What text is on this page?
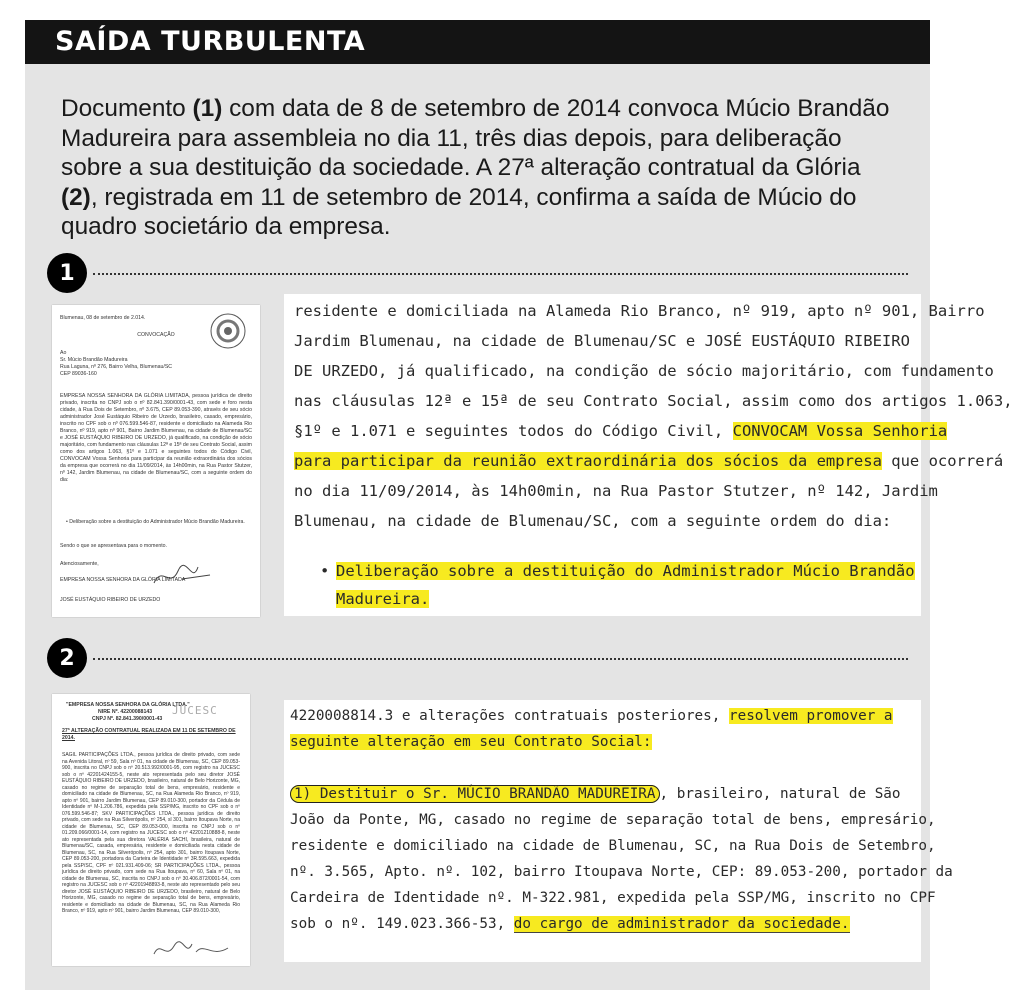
SAÍDA TURBULENTA
Documento (1) com data de 8 de setembro de 2014 convoca Múcio Brandão Madureira para assembleia no dia 11, três dias depois, para deliberação sobre a sua destituição da sociedade. A 27ª alteração contratual da Glória (2), registrada em 11 de setembro de 2014, confirma a saída de Múcio do quadro societário da empresa.
1
Blumenau, 08 de setembro de 2.014.
CONVOCAÇÃO
Ao
Sr. Múcio Brandão Madureira
Rua Laguna, nº 276, Bairro Velha, Blumenau/SC
CEP 89036-160
EMPRESA NOSSA SENHORA DA GLÓRIA LIMITADA, pessoa jurídica de direito privado, inscrita no CNPJ sob o nº 82.841.390/0001-43, com sede e foro nesta cidade, à Rua Dois de Setembro, nº 3.675, CEP 89.053-390, através de seu sócio administrador José Eustáquio Ribeiro de Urzedo, brasileiro, casado, empresário, inscrito no CPF sob o nº 076.599.546-87, residente e domiciliado na Alameda Rio Branco, nº 919, apto nº 901, Bairro Jardim Blumenau, na cidade de Blumenau/SC e JOSÉ EUSTÁQUIO RIBEIRO DE URZEDO, já qualificado, na condição de sócio majoritário, com fundamento nas cláusulas 12ª e 15ª de seu Contrato Social, assim como dos artigos 1.063, §1º e 1.071 e seguintes todos do Código Civil, CONVOCAM Vossa Senhoria para participar da reunião extraordinária dos sócios da empresa que ocorrerá no dia 11/09/2014, às 14h00min, na Rua Pastor Stutzer, nº 142, Jardim Blumenau, na cidade de Blumenau/SC, com a seguinte ordem do dia:
• Deliberação sobre a destituição do Administrador Múcio Brandão Madureira.
Sendo o que se apresentava para o momento.
Atenciosamente,
EMPRESA NOSSA SENHORA DA GLÓRIA LIMITADA
JOSÉ EUSTÁQUIO RIBEIRO DE URZEDO
residente e domiciliada na Alameda Rio Branco, nº 919, apto nº 901, Bairro
Jardim Blumenau, na cidade de Blumenau/SC e JOSÉ EUSTÁQUIO RIBEIRO
DE URZEDO, já qualificado, na condição de sócio majoritário, com fundamento
nas cláusulas 12ª e 15ª de seu Contrato Social, assim como dos artigos 1.063,
§1º e 1.071 e seguintes todos do Código Civil, CONVOCAM Vossa Senhoria
para participar da reunião extraordinária dos sócios da empresa que ocorrerá
no dia 11/09/2014, às 14h00min, na Rua Pastor Stutzer, nº 142, Jardim
Blumenau, na cidade de Blumenau/SC, com a seguinte ordem do dia:
• Deliberação sobre a destituição do Administrador Múcio Brandão
Madureira.
2
"EMPRESA NOSSA SENHORA DA GLÓRIA LTDA."
NIRE Nº. 42200088143
CNPJ Nº. 82.841.390/0001-43
JUCESC
27ª ALTERAÇÃO CONTRATUAL REALIZADA EM 11 DE SETEMBRO DE 2014.
SAGIL PARTICIPAÇÕES LTDA., pessoa jurídica de direito privado, com sede na Avenida Litoral, nº 59, Sala nº 01, na cidade de Blumenau, SC, CEP 89.053-900, inscrita no CNPJ sob o nº 20.513.992/0001-95, com registro na JUCESC sob o nº 42201424155-5, neste ato representada pelo seu diretor JOSÉ EUSTÁQUIO RIBEIRO DE URZEDO, brasileiro, natural de Belo Horizonte, MG, casado no regime de separação total de bens, empresário, residente e domiciliado na cidade de Blumenau, SC, na Rua Alameda Rio Branco, nº 919, apto nº 901, bairro Jardim Blumenau, CEP 89.010-300, portador da Cédula de Identidade nº M-1.206.786, expedida pela SSP/MG, inscrito no CPF sob o nº 076.599.546-87; SKV PARTICIPAÇÕES LTDA., pessoa jurídica de direito privado, com sede na Rua Silverópolis, nº 254, sl 301, bairro Itoupava Norte, na cidade de Blumenau, SC, CEP 89.053-000, inscrita no CNPJ sob o nº 01.209.066/0001-14, com registro na JUCESC sob o nº 42201210888-8, neste ato representada pela sua diretora VALÉRIA SACHI, brasileira, natural de Blumenau/SC, casada, empresária, residente e domiciliada nesta cidade de Blumenau, SC, na Rua Silverópolis, nº 254, apto 301, bairro Itoupava Norte, CEP 89.053-200, portadora da Carteira de Identidade nº 3R.595.663, expedida pela SSP/SC, CPF nº 021.931.409-06; SR PARTICIPAÇÕES LTDA., pessoa jurídica de direito privado, com sede na Rua Itoupava, nº 60, Sala nº 01, na cidade de Blumenau, SC, inscrita no CNPJ sob o nº 30.406.872/0001-54, com registro na JUCESC sob o nº 42201948893-8, neste ato representado pelo seu diretor JOSÉ EUSTÁQUIO RIBEIRO DE URZEDO, brasileiro, natural de Belo Horizonte, MG, casado no regime de separação total de bens, empresário, residente e domiciliado na cidade de Blumenau, SC, na Rua Alameda Rio Branco, nº 919, apto nº 901, bairro Jardim Blumenau, CEP 89.010-300,
4220008814.3 e alterações contratuais posteriores, resolvem promover a
seguinte alteração em seu Contrato Social:
1) Destituir o Sr. MÚCIO BRANDÃO MADUREIRA , brasileiro, natural de São
João da Ponte, MG, casado no regime de separação total de bens, empresário,
residente e domiciliado na cidade de Blumenau, SC, na Rua Dois de Setembro,
nº. 3.565, Apto. nº. 102, bairro Itoupava Norte, CEP: 89.053-200, portador da
Cardeira de Identidade nº. M-322.981, expedida pela SSP/MG, inscrito no CPF
sob o nº. 149.023.366-53, do cargo de administrador da sociedade.
